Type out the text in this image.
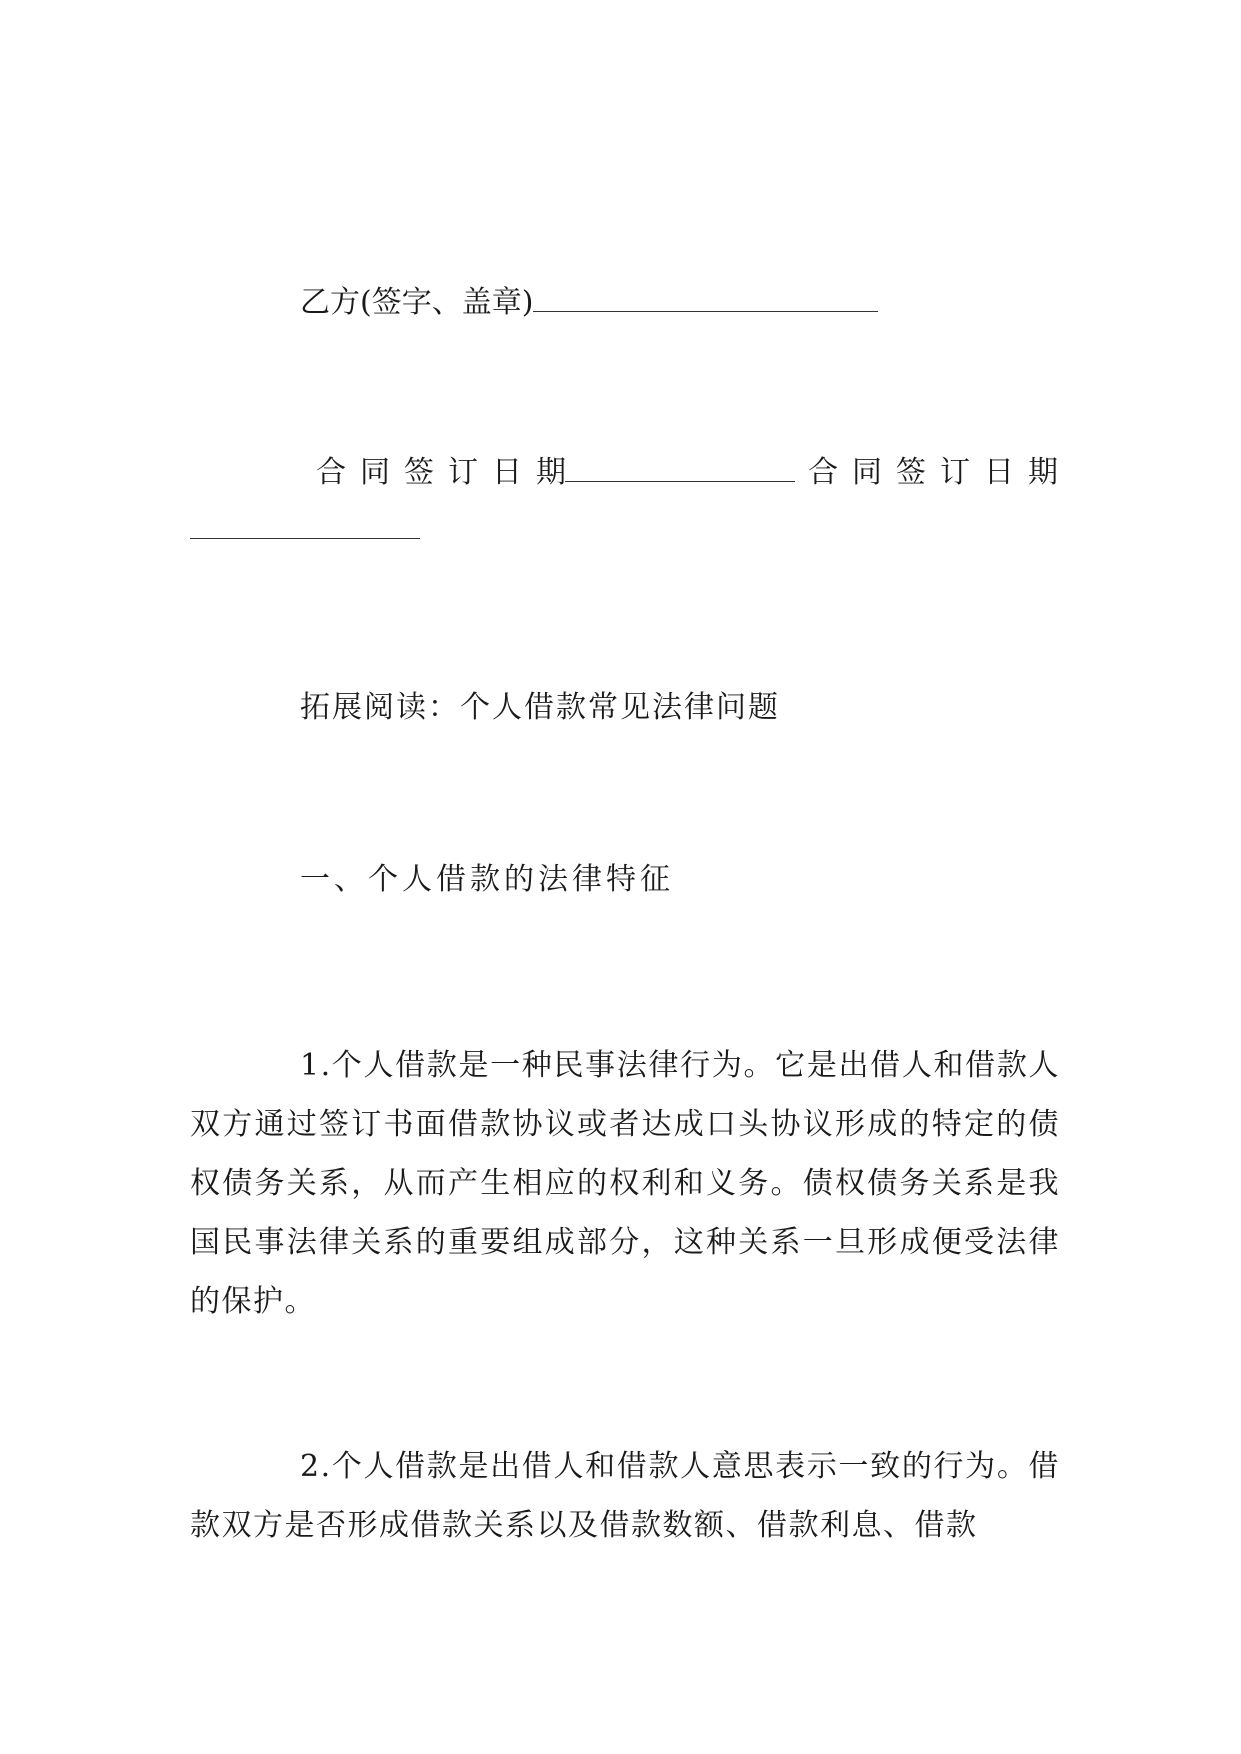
乙方(签字、盖章)
合同签订日期	合同签订日期
拓展阅读：个人借款常见法律问题
一、个人借款的法律特征
1.个人借款是一种民事法律行为。它是出借人和借款人双方通过签订书面借款协议或者达成口头协议形成的特定的债权债务关系，从而产生相应的权利和义务。债权债务关系是我国民事法律关系的重要组成部分，这种关系一旦形成便受法律的保护。
2.个人借款是出借人和借款人意思表示一致的行为。借款双方是否形成借款关系以及借款数额、借款利息、借款
